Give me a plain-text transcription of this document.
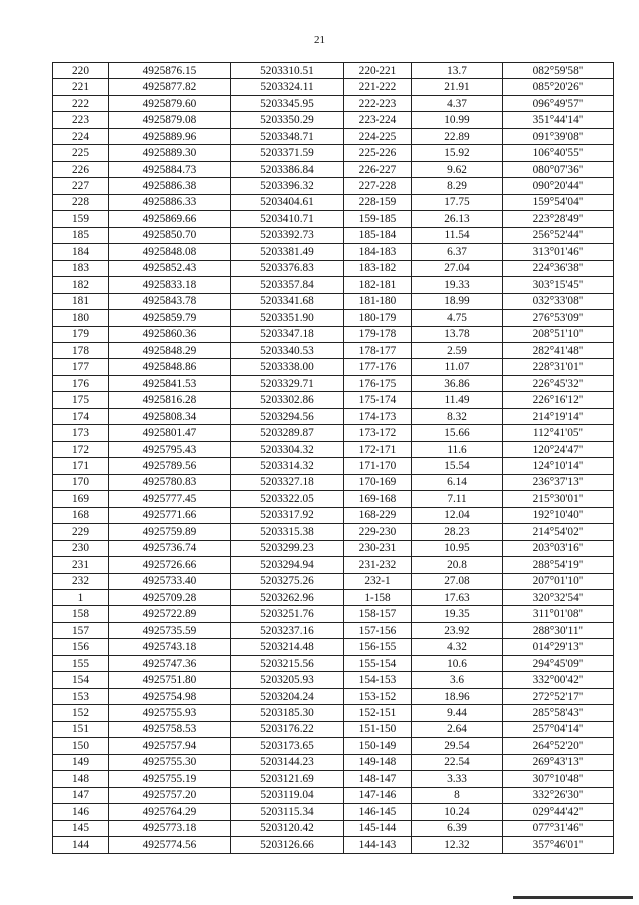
21
220	4925876.15	5203310.51	220-221	13.7	082°59'58"
221	4925877.82	5203324.11	221-222	21.91	085°20'26"
222	4925879.60	5203345.95	222-223	4.37	096°49'57"
223	4925879.08	5203350.29	223-224	10.99	351°44'14"
224	4925889.96	5203348.71	224-225	22.89	091°39'08"
225	4925889.30	5203371.59	225-226	15.92	106°40'55"
226	4925884.73	5203386.84	226-227	9.62	080°07'36"
227	4925886.38	5203396.32	227-228	8.29	090°20'44"
228	4925886.33	5203404.61	228-159	17.75	159°54'04"
159	4925869.66	5203410.71	159-185	26.13	223°28'49"
185	4925850.70	5203392.73	185-184	11.54	256°52'44"
184	4925848.08	5203381.49	184-183	6.37	313°01'46"
183	4925852.43	5203376.83	183-182	27.04	224°36'38"
182	4925833.18	5203357.84	182-181	19.33	303°15'45"
181	4925843.78	5203341.68	181-180	18.99	032°33'08"
180	4925859.79	5203351.90	180-179	4.75	276°53'09"
179	4925860.36	5203347.18	179-178	13.78	208°51'10"
178	4925848.29	5203340.53	178-177	2.59	282°41'48"
177	4925848.86	5203338.00	177-176	11.07	228°31'01"
176	4925841.53	5203329.71	176-175	36.86	226°45'32"
175	4925816.28	5203302.86	175-174	11.49	226°16'12"
174	4925808.34	5203294.56	174-173	8.32	214°19'14"
173	4925801.47	5203289.87	173-172	15.66	112°41'05"
172	4925795.43	5203304.32	172-171	11.6	120°24'47"
171	4925789.56	5203314.32	171-170	15.54	124°10'14"
170	4925780.83	5203327.18	170-169	6.14	236°37'13"
169	4925777.45	5203322.05	169-168	7.11	215°30'01"
168	4925771.66	5203317.92	168-229	12.04	192°10'40"
229	4925759.89	5203315.38	229-230	28.23	214°54'02"
230	4925736.74	5203299.23	230-231	10.95	203°03'16"
231	4925726.66	5203294.94	231-232	20.8	288°54'19"
232	4925733.40	5203275.26	232-1	27.08	207°01'10"
1	4925709.28	5203262.96	1-158	17.63	320°32'54"
158	4925722.89	5203251.76	158-157	19.35	311°01'08"
157	4925735.59	5203237.16	157-156	23.92	288°30'11"
156	4925743.18	5203214.48	156-155	4.32	014°29'13"
155	4925747.36	5203215.56	155-154	10.6	294°45'09"
154	4925751.80	5203205.93	154-153	3.6	332°00'42"
153	4925754.98	5203204.24	153-152	18.96	272°52'17"
152	4925755.93	5203185.30	152-151	9.44	285°58'43"
151	4925758.53	5203176.22	151-150	2.64	257°04'14"
150	4925757.94	5203173.65	150-149	29.54	264°52'20"
149	4925755.30	5203144.23	149-148	22.54	269°43'13"
148	4925755.19	5203121.69	148-147	3.33	307°10'48"
147	4925757.20	5203119.04	147-146	8	332°26'30"
146	4925764.29	5203115.34	146-145	10.24	029°44'42"
145	4925773.18	5203120.42	145-144	6.39	077°31'46"
144	4925774.56	5203126.66	144-143	12.32	357°46'01"
